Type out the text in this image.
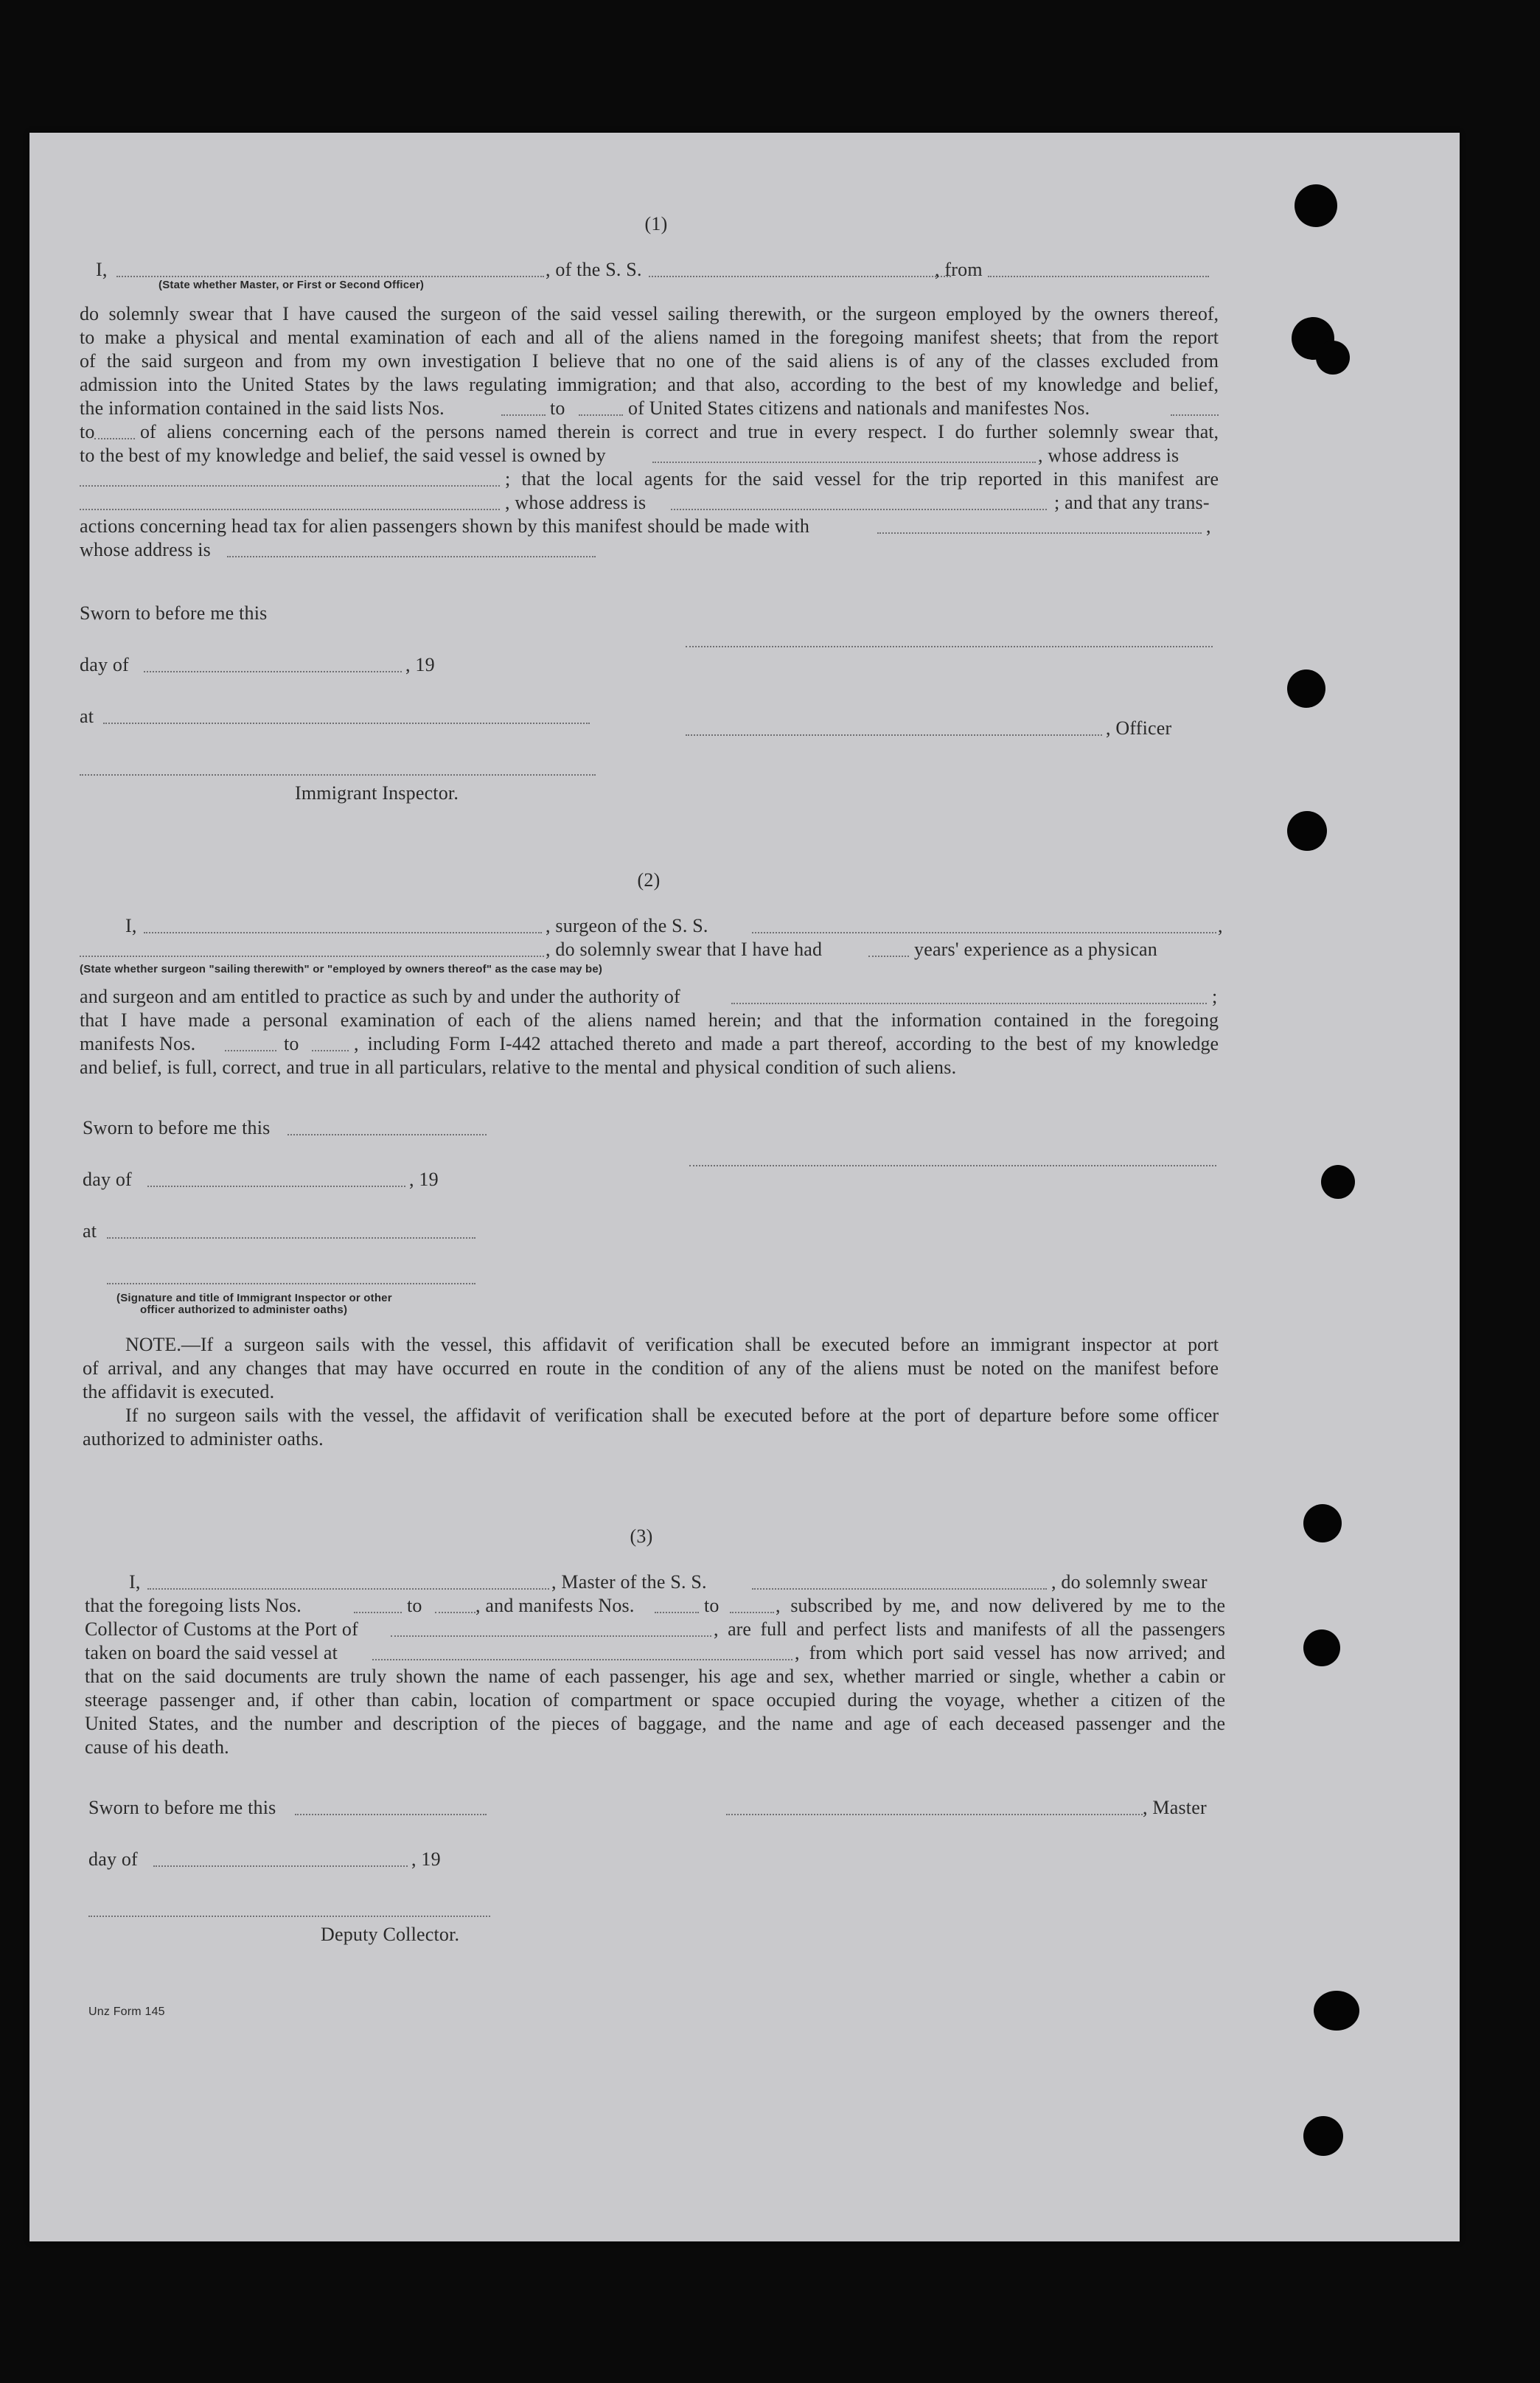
(1)
I,	, of the S. S.	, from
(State whether Master, or First or Second Officer)
do solemnly swear that I have caused the surgeon of the said vessel sailing therewith, or the surgeon employed by the owners thereof,
to make a physical and mental examination of each and all of the aliens named in the foregoing manifest sheets; that from the report
of the said surgeon and from my own investigation I believe that no one of the said aliens is of any of the classes excluded from
admission into the United States by the laws regulating immigration; and that also, according to the best of my knowledge and belief,
the information contained in the said lists Nos.	to	of United States citizens and nationals and manifestes Nos.
to of aliens concerning each of the persons named therein is correct and true in every respect. I do further solemnly swear that,
to the best of my knowledge and belief, the said vessel is owned by	, whose address is
; that the local agents for the said vessel for the trip reported in this manifest are
, whose address is	; and that any trans-
actions concerning head tax for alien passengers shown by this manifest should be made with	,
whose address is
Sworn to before me this
day of	, 19
at
, Officer
Immigrant Inspector.
(2)
I,	, surgeon of the S. S.	,
, do solemnly swear that I have had	years' experience as a physican
(State whether surgeon "sailing therewith" or "employed by owners thereof" as the case may be)
and surgeon and am entitled to practice as such by and under the authority of	;
that I have made a personal examination of each of the aliens named herein; and that the information contained in the foregoing
manifests Nos.	to	, including Form I-442 attached thereto and made a part thereof, according to the best of my knowledge
and belief, is full, correct, and true in all particulars, relative to the mental and physical condition of such aliens.
Sworn to before me this
day of	, 19
at
(Signature and title of Immigrant Inspector or other
officer authorized to administer oaths)
NOTE.—If a surgeon sails with the vessel, this affidavit of verification shall be executed before an immigrant inspector at port
of arrival, and any changes that may have occurred en route in the condition of any of the aliens must be noted on the manifest before
the affidavit is executed.
If no surgeon sails with the vessel, the affidavit of verification shall be executed before at the port of departure before some officer
authorized to administer oaths.
(3)
I,	, Master of the S. S.	, do solemnly swear
that the foregoing lists Nos.	to	, and manifests Nos.	to	, subscribed by me, and now delivered by me to the
Collector of Customs at the Port of	, are full and perfect lists and manifests of all the passengers
taken on board the said vessel at	, from which port said vessel has now arrived; and
that on the said documents are truly shown the name of each passenger, his age and sex, whether married or single, whether a cabin or
steerage passenger and, if other than cabin, location of compartment or space occupied during the voyage, whether a citizen of the
United States, and the number and description of the pieces of baggage, and the name and age of each deceased passenger and the
cause of his death.
Sworn to before me this	, Master
day of	, 19
Deputy Collector.
Unz Form 145
